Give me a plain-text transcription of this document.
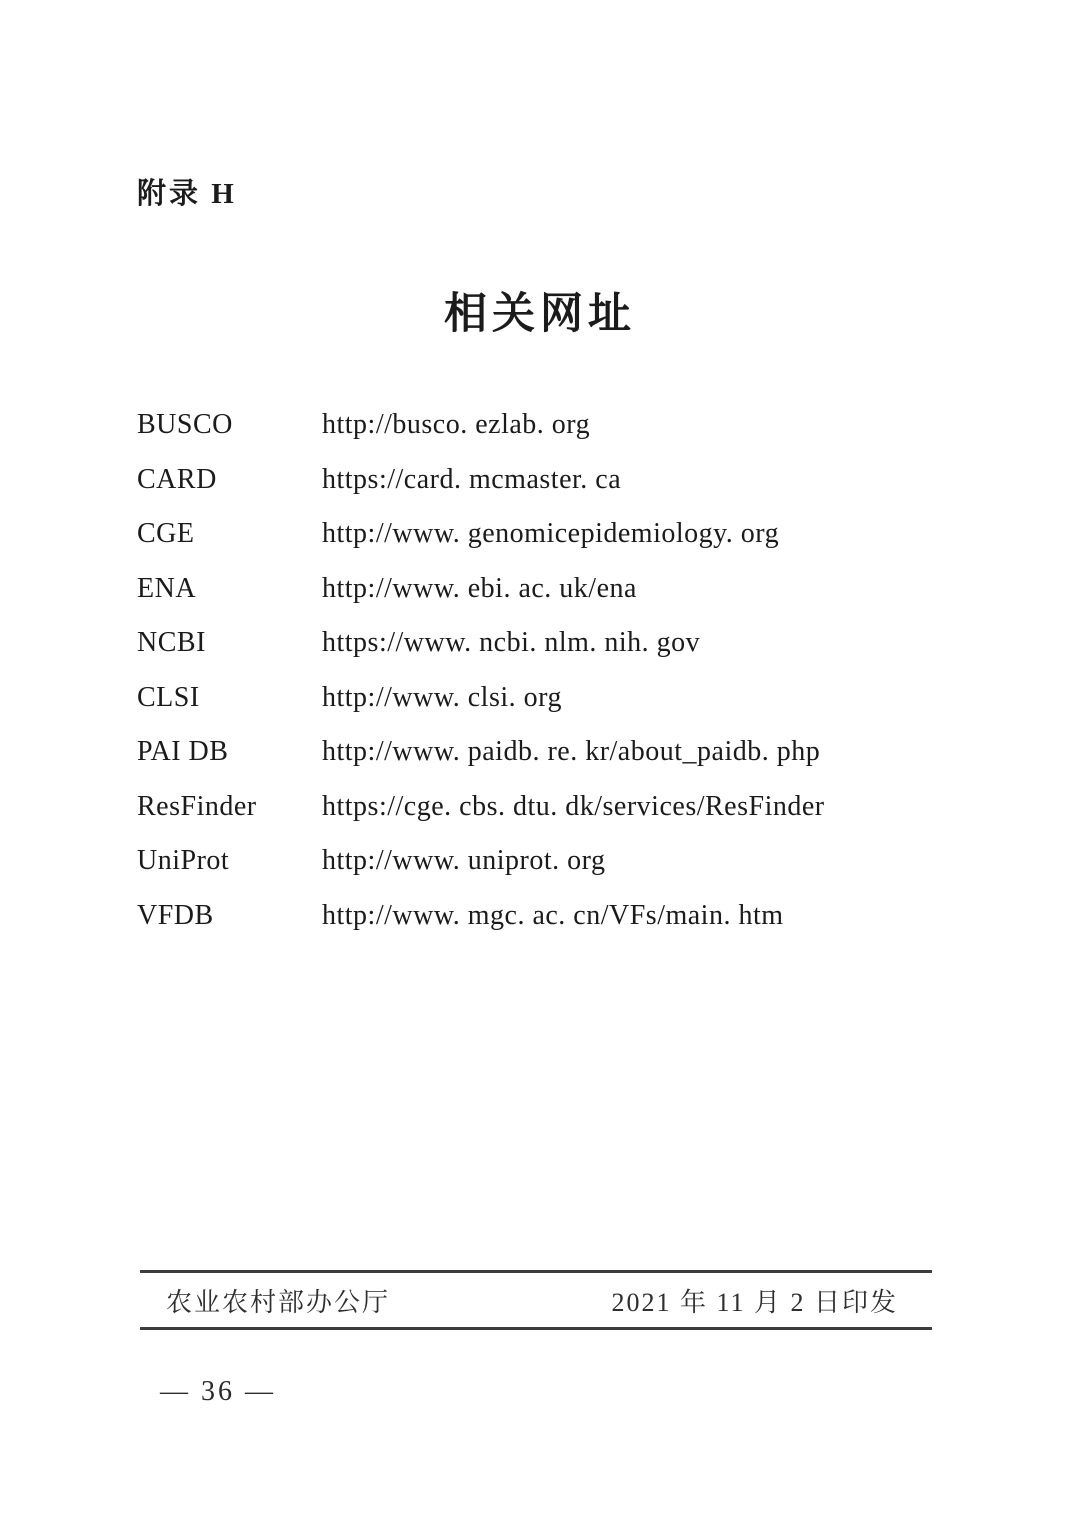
附录 H
相关网址
BUSCO	http://busco. ezlab. org
CARD	https://card. mcmaster. ca
CGE	http://www. genomicepidemiology. org
ENA	http://www. ebi. ac. uk/ena
NCBI	https://www. ncbi. nlm. nih. gov
CLSI	http://www. clsi. org
PAI DB	http://www. paidb. re. kr/about_paidb. php
ResFinder	https://cge. cbs. dtu. dk/services/ResFinder
UniProt	http://www. uniprot. org
VFDB	http://www. mgc. ac. cn/VFs/main. htm
农业农村部办公厅	2021 年 11 月 2 日印发
— 36 —
